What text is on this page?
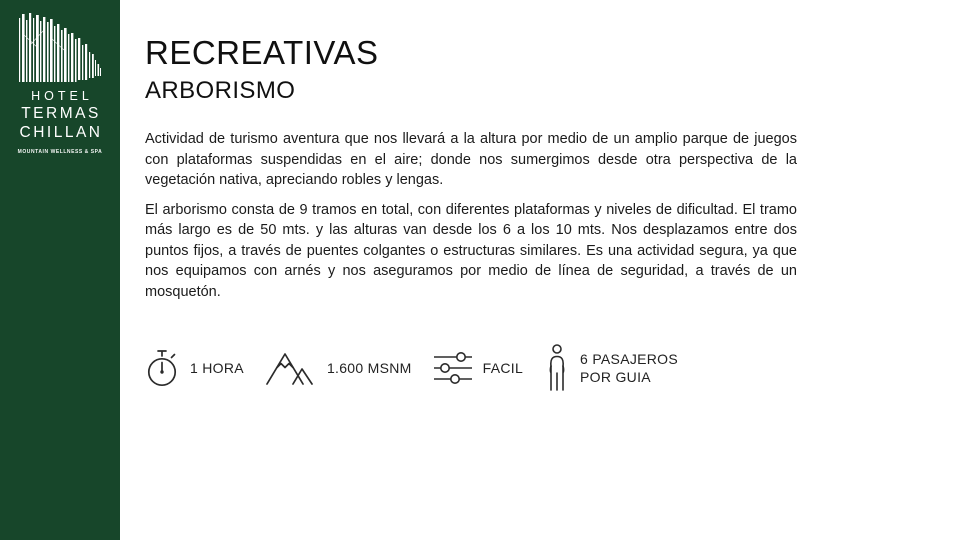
HOTEL
TERMAS
CHILLAN
MOUNTAIN WELLNESS & SPA
RECREATIVAS
ARBORISMO

Actividad de turismo aventura que nos llevará a la altura por medio de un amplio parque de juegos con plataformas suspendidas en el aire; donde nos sumergimos desde otra perspectiva de la vegetación nativa, apreciando robles y lengas.

El arborismo consta de 9 tramos en total, con diferentes plataformas y niveles de dificultad. El tramo más largo es de 50 mts. y las alturas van desde los 6 a los 10 mts. Nos desplazamos entre dos puntos fijos, a través de puentes colgantes o estructuras similares. Es una actividad segura, ya que nos equipamos con arnés y nos aseguramos por medio de línea de seguridad, a través de un mosquetón.

1 HORA	1.600 MSNM	FACIL
6 PASAJEROS POR GUIA
